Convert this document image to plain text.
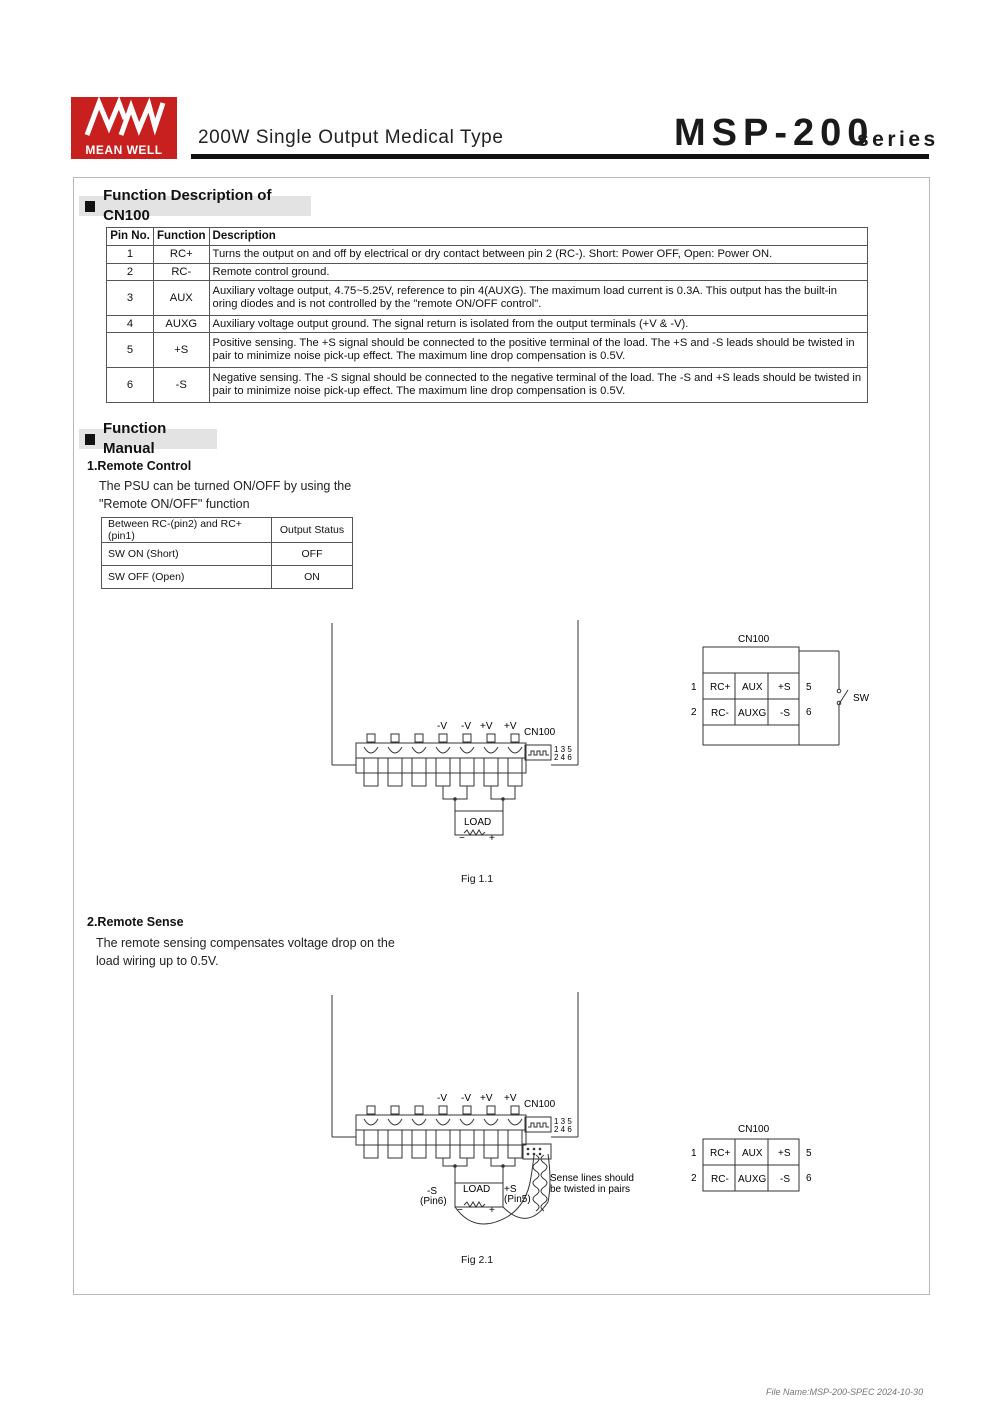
MEAN WELL
200W Single Output Medical Type	MSP-200
series
Function Description of CN100
Pin No.	Function	Description
1	RC+	Turns the output on and off by electrical or dry contact between pin 2 (RC-). Short: Power OFF, Open: Power ON.
2	RC-	Remote control ground.
3	AUX	Auxiliary voltage output, 4.75~5.25V, reference to pin 4(AUXG). The maximum load current is 0.3A. This output has the built-in oring diodes and is not controlled by the "remote ON/OFF control".
4	AUXG	Auxiliary voltage output ground. The signal return is isolated from the output terminals (+V & -V).
5	+S	Positive sensing. The +S signal should be connected to the positive terminal of the load. The +S and -S leads should be twisted in pair to minimize noise pick-up effect. The maximum line drop compensation is 0.5V.
6	-S	Negative sensing. The -S signal should be connected to the negative terminal of the load. The -S and +S leads should be twisted in pair to minimize noise pick-up effect. The maximum line drop compensation is 0.5V.
Function Manual
1.Remote Control
The PSU can be turned ON/OFF by using the "Remote ON/OFF" function
Between RC-(pin2) and RC+(pin1)	Output Status
SW ON (Short)	OFF
SW OFF (Open)	ON
-V -V +V +V
CN100
1 3 5
2 4 6
LOAD
− +
CN100
RC+ AUX +S
RC- AUXG -S
1
2
5
6
SW
Fig 1.1
2.Remote Sense
The remote sensing compensates voltage drop on the load wiring up to 0.5V.
-V -V +V +V
CN100
1 3 5
2 4 6
LOAD
−	+
-S
(Pin6)
+S
(Pin5)
Sense lines should
be twisted in pairs
CN100
RC+ AUX +S
RC- AUXG -S
1
2
5
6
Fig 2.1
File Name:MSP-200-SPEC 2024-10-30
